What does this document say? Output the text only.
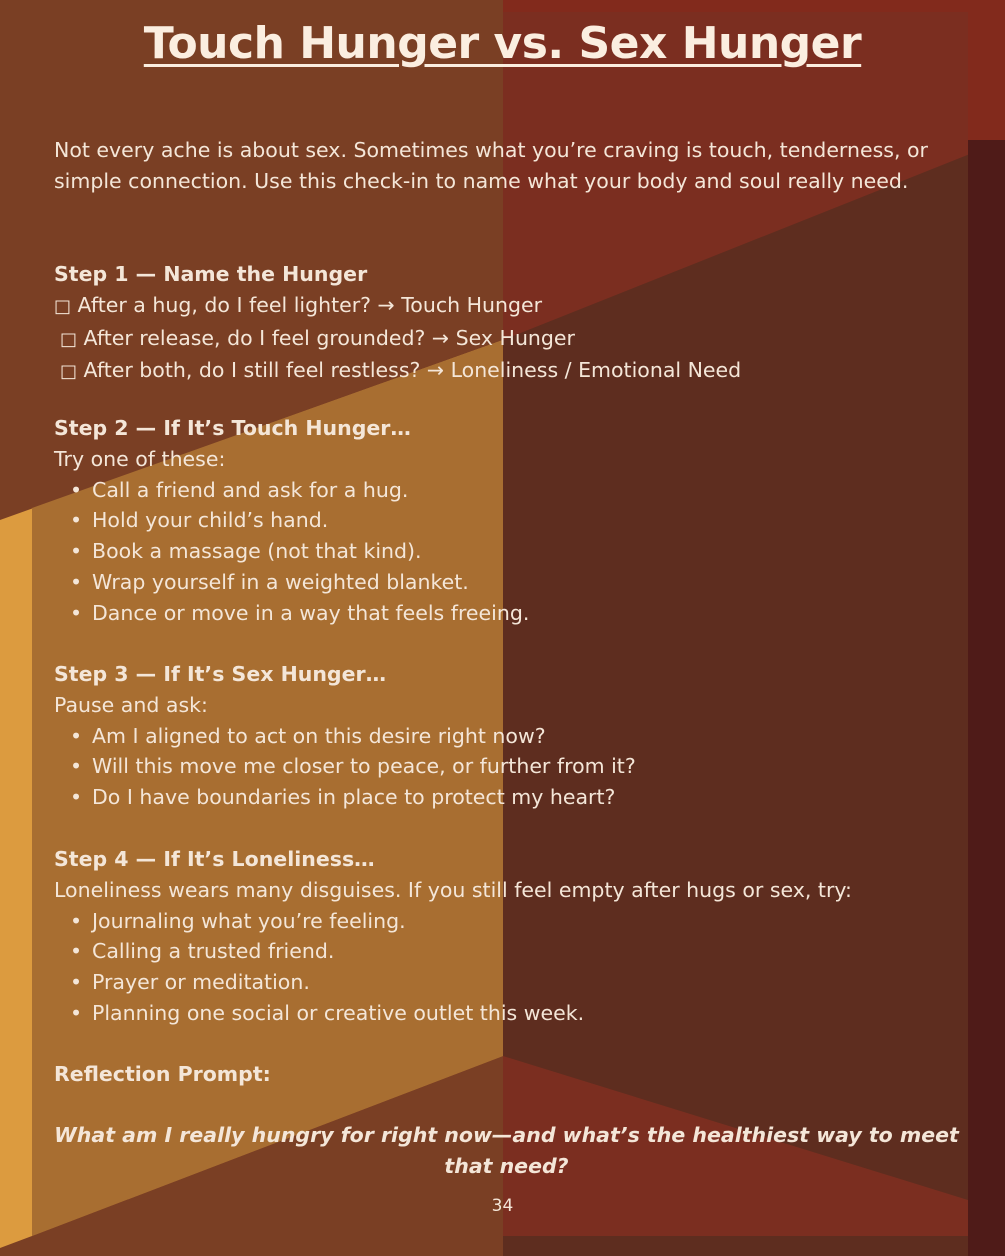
Touch Hunger vs. Sex Hunger

Not every ache is about sex. Sometimes what you’re craving is touch, tenderness, or simple connection. Use this check-in to name what your body and soul really need.

Step 1 — Name the Hunger
□ After a hug, do I feel lighter? → Touch Hunger
□ After release, do I feel grounded? → Sex Hunger
□ After both, do I still feel restless? → Loneliness / Emotional Need
Step 2 — If It’s Touch Hunger…
Try one of these:
• Call a friend and ask for a hug.
• Hold your child’s hand.
• Book a massage (not that kind).
• Wrap yourself in a weighted blanket.
• Dance or move in a way that feels freeing.
Step 3 — If It’s Sex Hunger…
Pause and ask:
• Am I aligned to act on this desire right now?
• Will this move me closer to peace, or further from it?
• Do I have boundaries in place to protect my heart?
Step 4 — If It’s Loneliness…
Loneliness wears many disguises. If you still feel empty after hugs or sex, try:
• Journaling what you’re feeling.
• Calling a trusted friend.
• Prayer or meditation.
• Planning one social or creative outlet this week.
Reflection Prompt:
What am I really hungry for right now—and what’s the healthiest way to meet that need?
34
